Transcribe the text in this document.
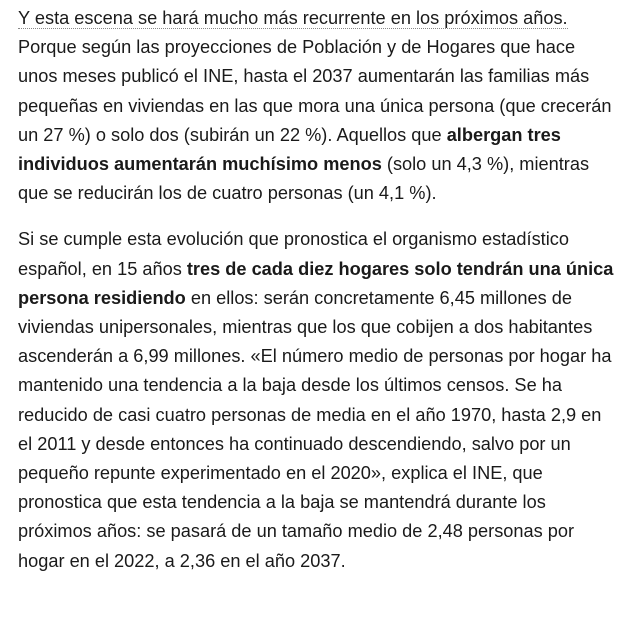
Y esta escena se hará mucho más recurrente en los próximos años. Porque según las proyecciones de Población y de Hogares que hace unos meses publicó el INE, hasta el 2037 aumentarán las familias más pequeñas en viviendas en las que mora una única persona (que crecerán un 27 %) o solo dos (subirán un 22 %). Aquellos que albergan tres individuos aumentarán muchísimo menos (solo un 4,3 %), mientras que se reducirán los de cuatro personas (un 4,1 %).

Si se cumple esta evolución que pronostica el organismo estadístico español, en 15 años tres de cada diez hogares solo tendrán una única persona residiendo en ellos: serán concretamente 6,45 millones de viviendas unipersonales, mientras que los que cobijen a dos habitantes ascenderán a 6,99 millones. «El número medio de personas por hogar ha mantenido una tendencia a la baja desde los últimos censos. Se ha reducido de casi cuatro personas de media en el año 1970, hasta 2,9 en el 2011 y desde entonces ha continuado descendiendo, salvo por un pequeño repunte experimentado en el 2020», explica el INE, que pronostica que esta tendencia a la baja se mantendrá durante los próximos años: se pasará de un tamaño medio de 2,48 personas por hogar en el 2022, a 2,36 en el año 2037.
